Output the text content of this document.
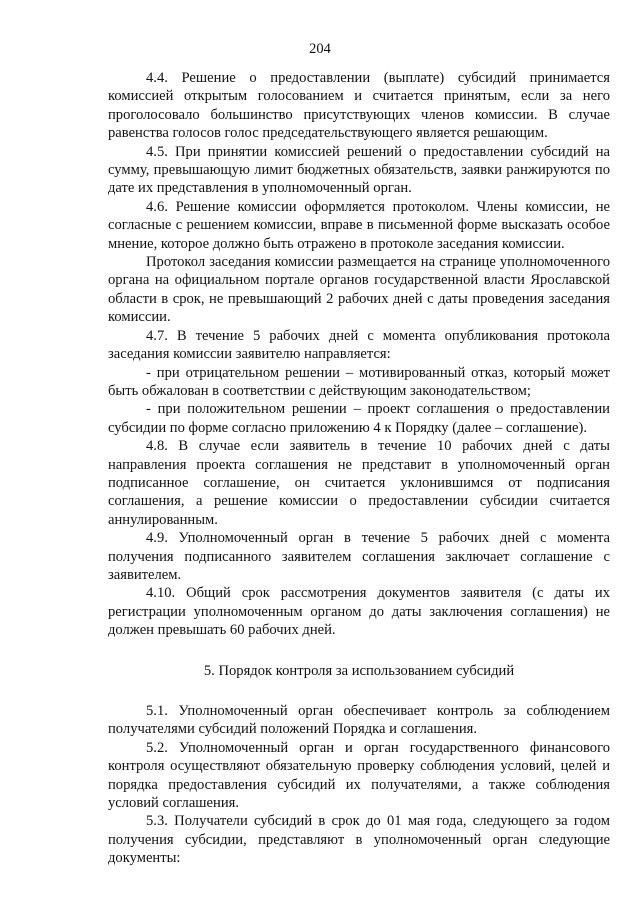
204

4.4. Решение о предоставлении (выплате) субсидий принимается комиссией открытым голосованием и считается принятым, если за него проголосовало большинство присутствующих членов комиссии. В случае равенства голосов голос председательствующего является решающим.

4.5. При принятии комиссией решений о предоставлении субсидий на сумму, превышающую лимит бюджетных обязательств, заявки ранжируются по дате их представления в уполномоченный орган.

4.6. Решение комиссии оформляется протоколом. Члены комиссии, не согласные с решением комиссии, вправе в письменной форме высказать особое мнение, которое должно быть отражено в протоколе заседания комиссии.

Протокол заседания комиссии размещается на странице уполномоченного органа на официальном портале органов государственной власти Ярославской области в срок, не превышающий 2 рабочих дней с даты проведения заседания комиссии.

4.7. В течение 5 рабочих дней с момента опубликования протокола заседания комиссии заявителю направляется:

- при отрицательном решении – мотивированный отказ, который может быть обжалован в соответствии с действующим законодательством;

- при положительном решении – проект соглашения о предоставлении субсидии по форме согласно приложению 4 к Порядку (далее – соглашение).

4.8. В случае если заявитель в течение 10 рабочих дней с даты направления проекта соглашения не представит в уполномоченный орган подписанное соглашение, он считается уклонившимся от подписания соглашения, а решение комиссии о предоставлении субсидии считается аннулированным.

4.9. Уполномоченный орган в течение 5 рабочих дней с момента получения подписанного заявителем соглашения заключает соглашение с заявителем.

4.10. Общий срок рассмотрения документов заявителя (с даты их регистрации уполномоченным органом до даты заключения соглашения) не должен превышать 60 рабочих дней.

5. Порядок контроля за использованием субсидий

5.1. Уполномоченный орган обеспечивает контроль за соблюдением получателями субсидий положений Порядка и соглашения.

5.2. Уполномоченный орган и орган государственного финансового контроля осуществляют обязательную проверку соблюдения условий, целей и порядка предоставления субсидий их получателями, а также соблюдения условий соглашения.

5.3. Получатели субсидий в срок до 01 мая года, следующего за годом получения субсидии, представляют в уполномоченный орган следующие документы:
